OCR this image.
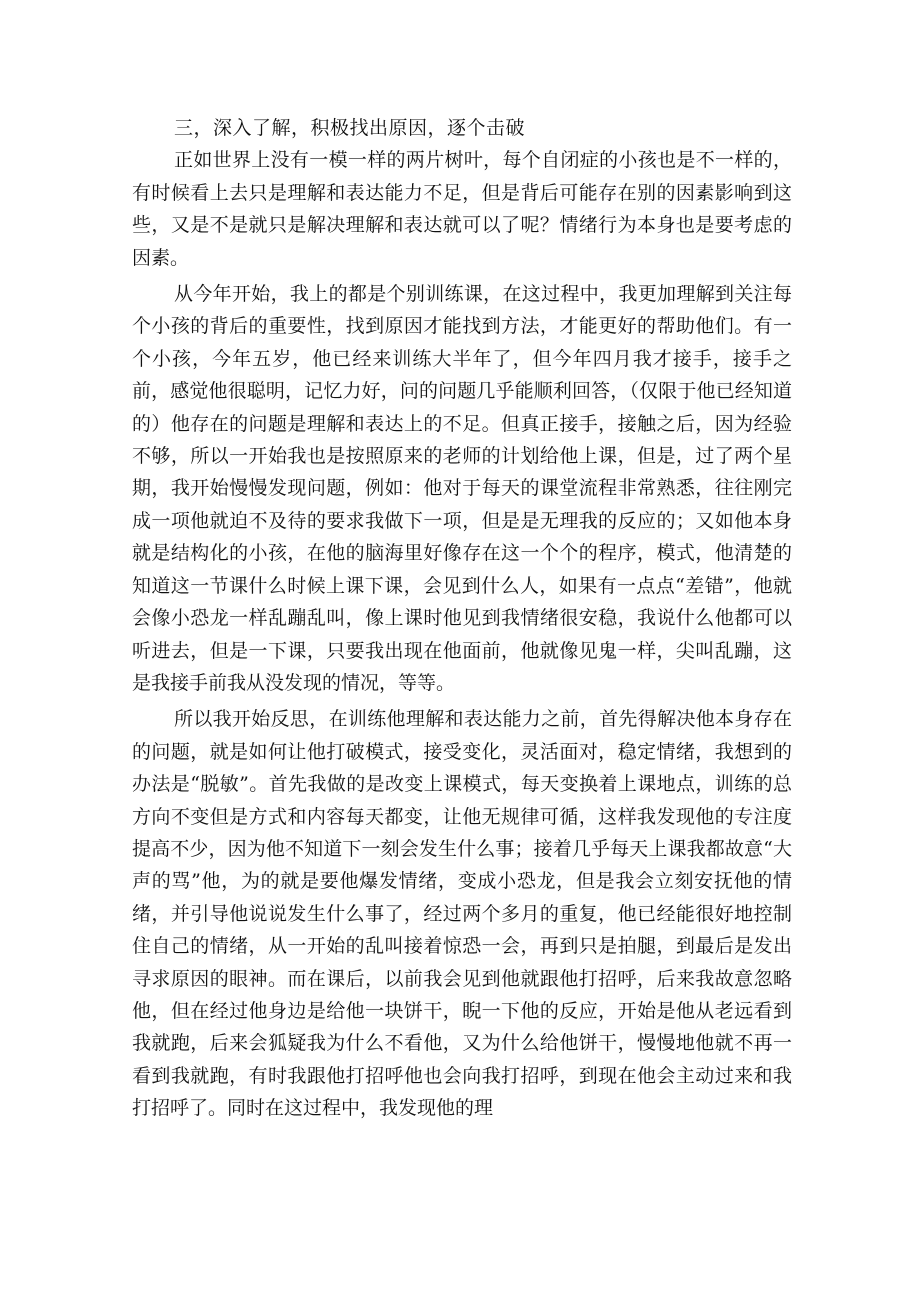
三，深入了解，积极找出原因，逐个击破

正如世界上没有一模一样的两片树叶，每个自闭症的小孩也是不一样的，有时候看上去只是理解和表达能力不足，但是背后可能存在别的因素影响到这些，又是不是就只是解决理解和表达就可以了呢？情绪行为本身也是要考虑的因素。

从今年开始，我上的都是个别训练课，在这过程中，我更加理解到关注每个小孩的背后的重要性，找到原因才能找到方法，才能更好的帮助他们。有一个小孩，今年五岁，他已经来训练大半年了，但今年四月我才接手，接手之前，感觉他很聪明，记忆力好，问的问题几乎能顺利回答，（仅限于他已经知道的）他存在的问题是理解和表达上的不足。但真正接手，接触之后，因为经验不够，所以一开始我也是按照原来的老师的计划给他上课，但是，过了两个星期，我开始慢慢发现问题，例如：他对于每天的课堂流程非常熟悉，往往刚完成一项他就迫不及待的要求我做下一项，但是是无理我的反应的；又如他本身就是结构化的小孩，在他的脑海里好像存在这一个个的程序，模式，他清楚的知道这一节课什么时候上课下课，会见到什么人，如果有一点点“差错”，他就会像小恐龙一样乱蹦乱叫，像上课时他见到我情绪很安稳，我说什么他都可以听进去，但是一下课，只要我出现在他面前，他就像见鬼一样，尖叫乱蹦，这是我接手前我从没发现的情况，等等。

所以我开始反思，在训练他理解和表达能力之前，首先得解决他本身存在的问题，就是如何让他打破模式，接受变化，灵活面对，稳定情绪，我想到的办法是“脱敏”。首先我做的是改变上课模式，每天变换着上课地点，训练的总方向不变但是方式和内容每天都变，让他无规律可循，这样我发现他的专注度提高不少，因为他不知道下一刻会发生什么事；接着几乎每天上课我都故意“大声的骂”他，为的就是要他爆发情绪，变成小恐龙，但是我会立刻安抚他的情绪，并引导他说说发生什么事了，经过两个多月的重复，他已经能很好地控制住自己的情绪，从一开始的乱叫接着惊恐一会，再到只是拍腿，到最后是发出寻求原因的眼神。而在课后，以前我会见到他就跟他打招呼，后来我故意忽略他，但在经过他身边是给他一块饼干，睨一下他的反应，开始是他从老远看到我就跑，后来会狐疑我为什么不看他，又为什么给他饼干，慢慢地他就不再一看到我就跑，有时我跟他打招呼他也会向我打招呼，到现在他会主动过来和我打招呼了。同时在这过程中，我发现他的理
